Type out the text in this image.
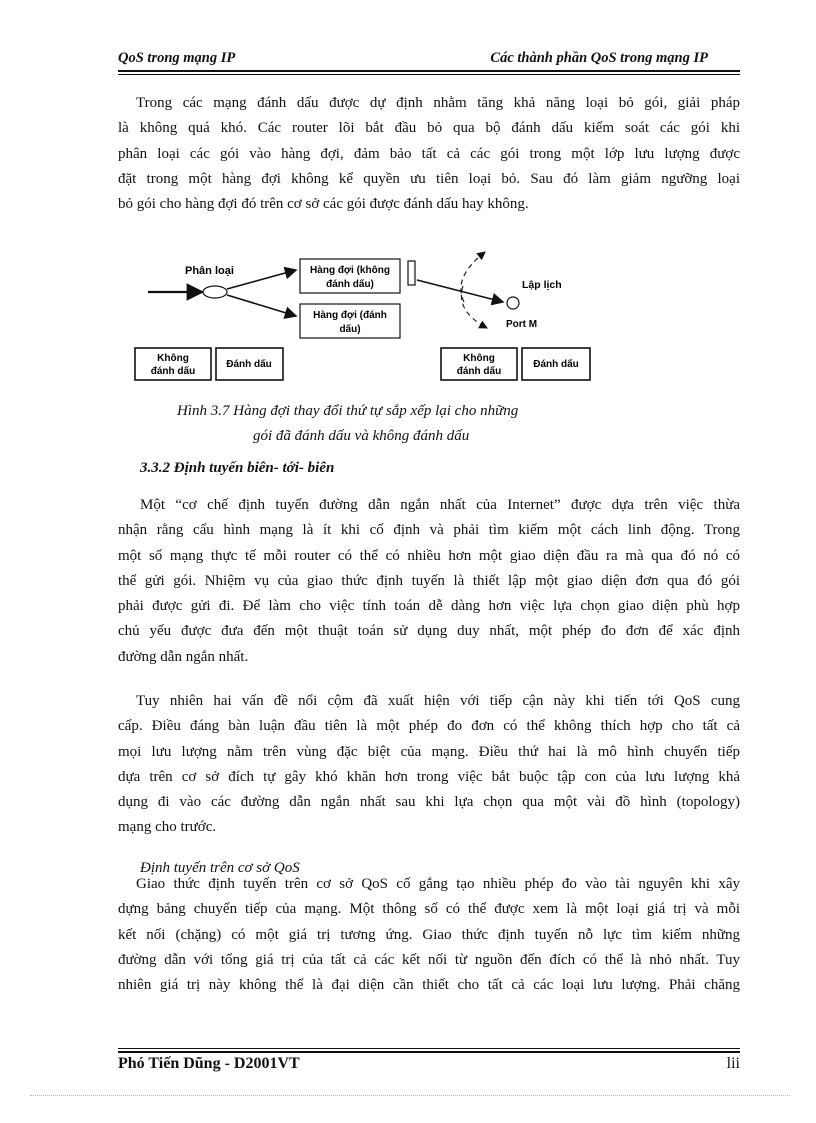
QoS trong mạng IP	Các thành phần QoS trong mạng IP
Trong các mạng đánh dấu được dự định nhằm tăng khả năng loại bỏ gói, giải pháp
là không quá khó. Các router lõi bắt đầu bỏ qua bộ đánh dấu kiểm soát các gói khi
phân loại các gói vào hàng đợi, đảm bảo tất cả các gói trong một lớp lưu lượng được
đặt trong một hàng đợi không kể quyền ưu tiên loại bỏ. Sau đó làm giảm ngưỡng loại
bỏ gói cho hàng đợi đó trên cơ sở các gói được đánh dấu hay không.
Phân loại	Hàng đợi (không
đánh dấu)
Hàng đợi (đánh
dấu)
Lập lịch
Port M
Không
đánh dấu
Đánh dấu
Không
đánh dấu
Đánh dấu
Hình 3.7 Hàng đợi thay đổi thứ tự sắp xếp lại cho những
gói đã đánh dấu và không đánh dấu
3.3.2 Định tuyến biên- tới- biên
Một “cơ chế định tuyến đường dẫn ngắn nhất của Internet” được dựa trên việc thừa
nhận rằng cấu hình mạng là ít khi cố định và phải tìm kiếm một cách linh động. Trong
một số mạng thực tế mỗi router có thể có nhiều hơn một giao diện đầu ra mà qua đó nó có
thể gửi gói. Nhiệm vụ của giao thức định tuyến là thiết lập một giao diện đơn qua đó gói
phải được gửi đi. Để làm cho việc tính toán dễ dàng hơn việc lựa chọn giao diện phù hợp
chủ yếu được đưa đến một thuật toán sử dụng duy nhất, một phép đo đơn để xác định
đường dẫn ngắn nhất.
Tuy nhiên hai vấn đề nổi cộm đã xuất hiện với tiếp cận này khi tiến tới QoS cung
cấp. Điều đáng bàn luận đầu tiên là một phép đo đơn có thể không thích hợp cho tất cả
mọi lưu lượng nằm trên vùng đặc biệt của mạng. Điều thứ hai là mô hình chuyển tiếp
dựa trên cơ sở đích tự gây khó khăn hơn trong việc bắt buộc tập con của lưu lượng khả
dụng đi vào các đường dẫn ngắn nhất sau khi lựa chọn qua một vài đồ hình (topology)
mạng cho trước.
Định tuyến trên cơ sở QoS
Giao thức định tuyến trên cơ sở QoS cố gắng tạo nhiều phép đo vào tài nguyên khi xây
dựng bảng chuyển tiếp của mạng. Một thông số có thể được xem là một loại giá trị và mỗi
kết nối (chặng) có một giá trị tương ứng. Giao thức định tuyến nỗ lực tìm kiếm những
đường dẫn với tổng giá trị của tất cả các kết nối từ nguồn đến đích có thể là nhỏ nhất. Tuy
nhiên giá trị này không thể là đại diện cần thiết cho tất cả các loại lưu lượng. Phải chăng
Phó Tiến Dũng - D2001VT	lii
